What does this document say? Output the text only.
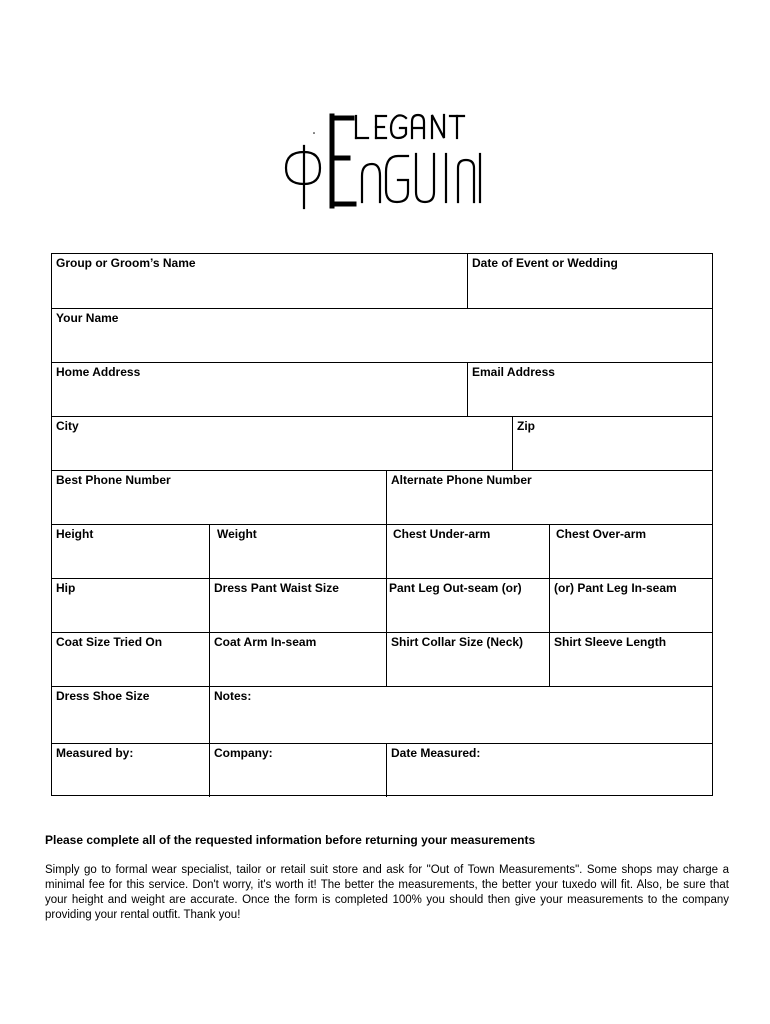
Elegant Penguin
Group or Groom’s Name	Date of Event or Wedding
Your Name
Home Address	Email Address
City	Zip
Best Phone Number	Alternate Phone Number
Height	Weight	Chest Under-arm	Chest Over-arm
Hip	Dress Pant Waist Size	Pant Leg Out-seam (or)	(or) Pant Leg In-seam
Coat Size Tried On	Coat Arm In-seam	Shirt Collar Size (Neck)	Shirt Sleeve Length
Dress Shoe Size	Notes:
Measured by:	Company:	Date Measured:

Please complete all of the requested information before returning your measurements

Simply go to formal wear specialist, tailor or retail suit store and ask for "Out of Town Measurements". Some shops may charge a minimal fee for this service. Don't worry, it's worth it! The better the measurements, the better your tuxedo will fit. Also, be sure that your height and weight are accurate. Once the form is completed 100% you should then give your measurements to the company providing your rental outfit. Thank you!
